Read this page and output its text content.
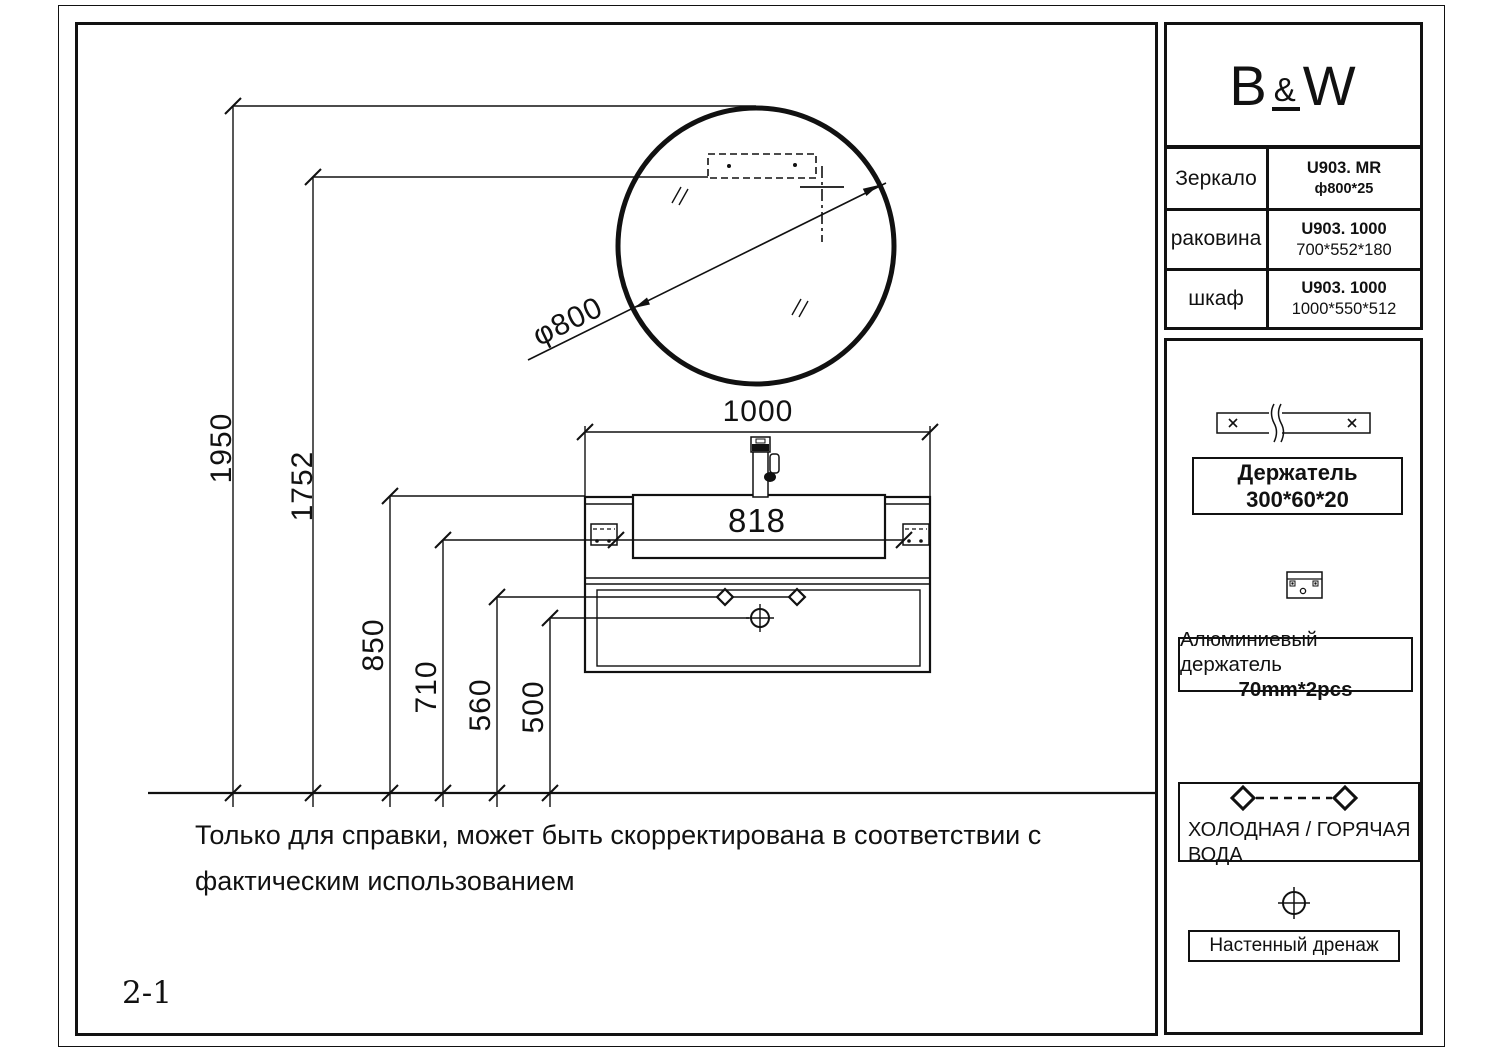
B & W
Зеркало	U903. MR
ф800*25
раковина U903. 1000
700*552*180
шкаф	U903. 1000
1000*550*512
1950
1752
850
710 560 500
1000
818
φ800
Только для справки, может быть скорректирована в соответствии с
фактическим использованием
2-1
Держатель
300*60*20
Алюминиевый держатель
70mm*2pcs
ХОЛОДНАЯ / ГОРЯЧАЯ
ВОДА
Настенный дренаж
